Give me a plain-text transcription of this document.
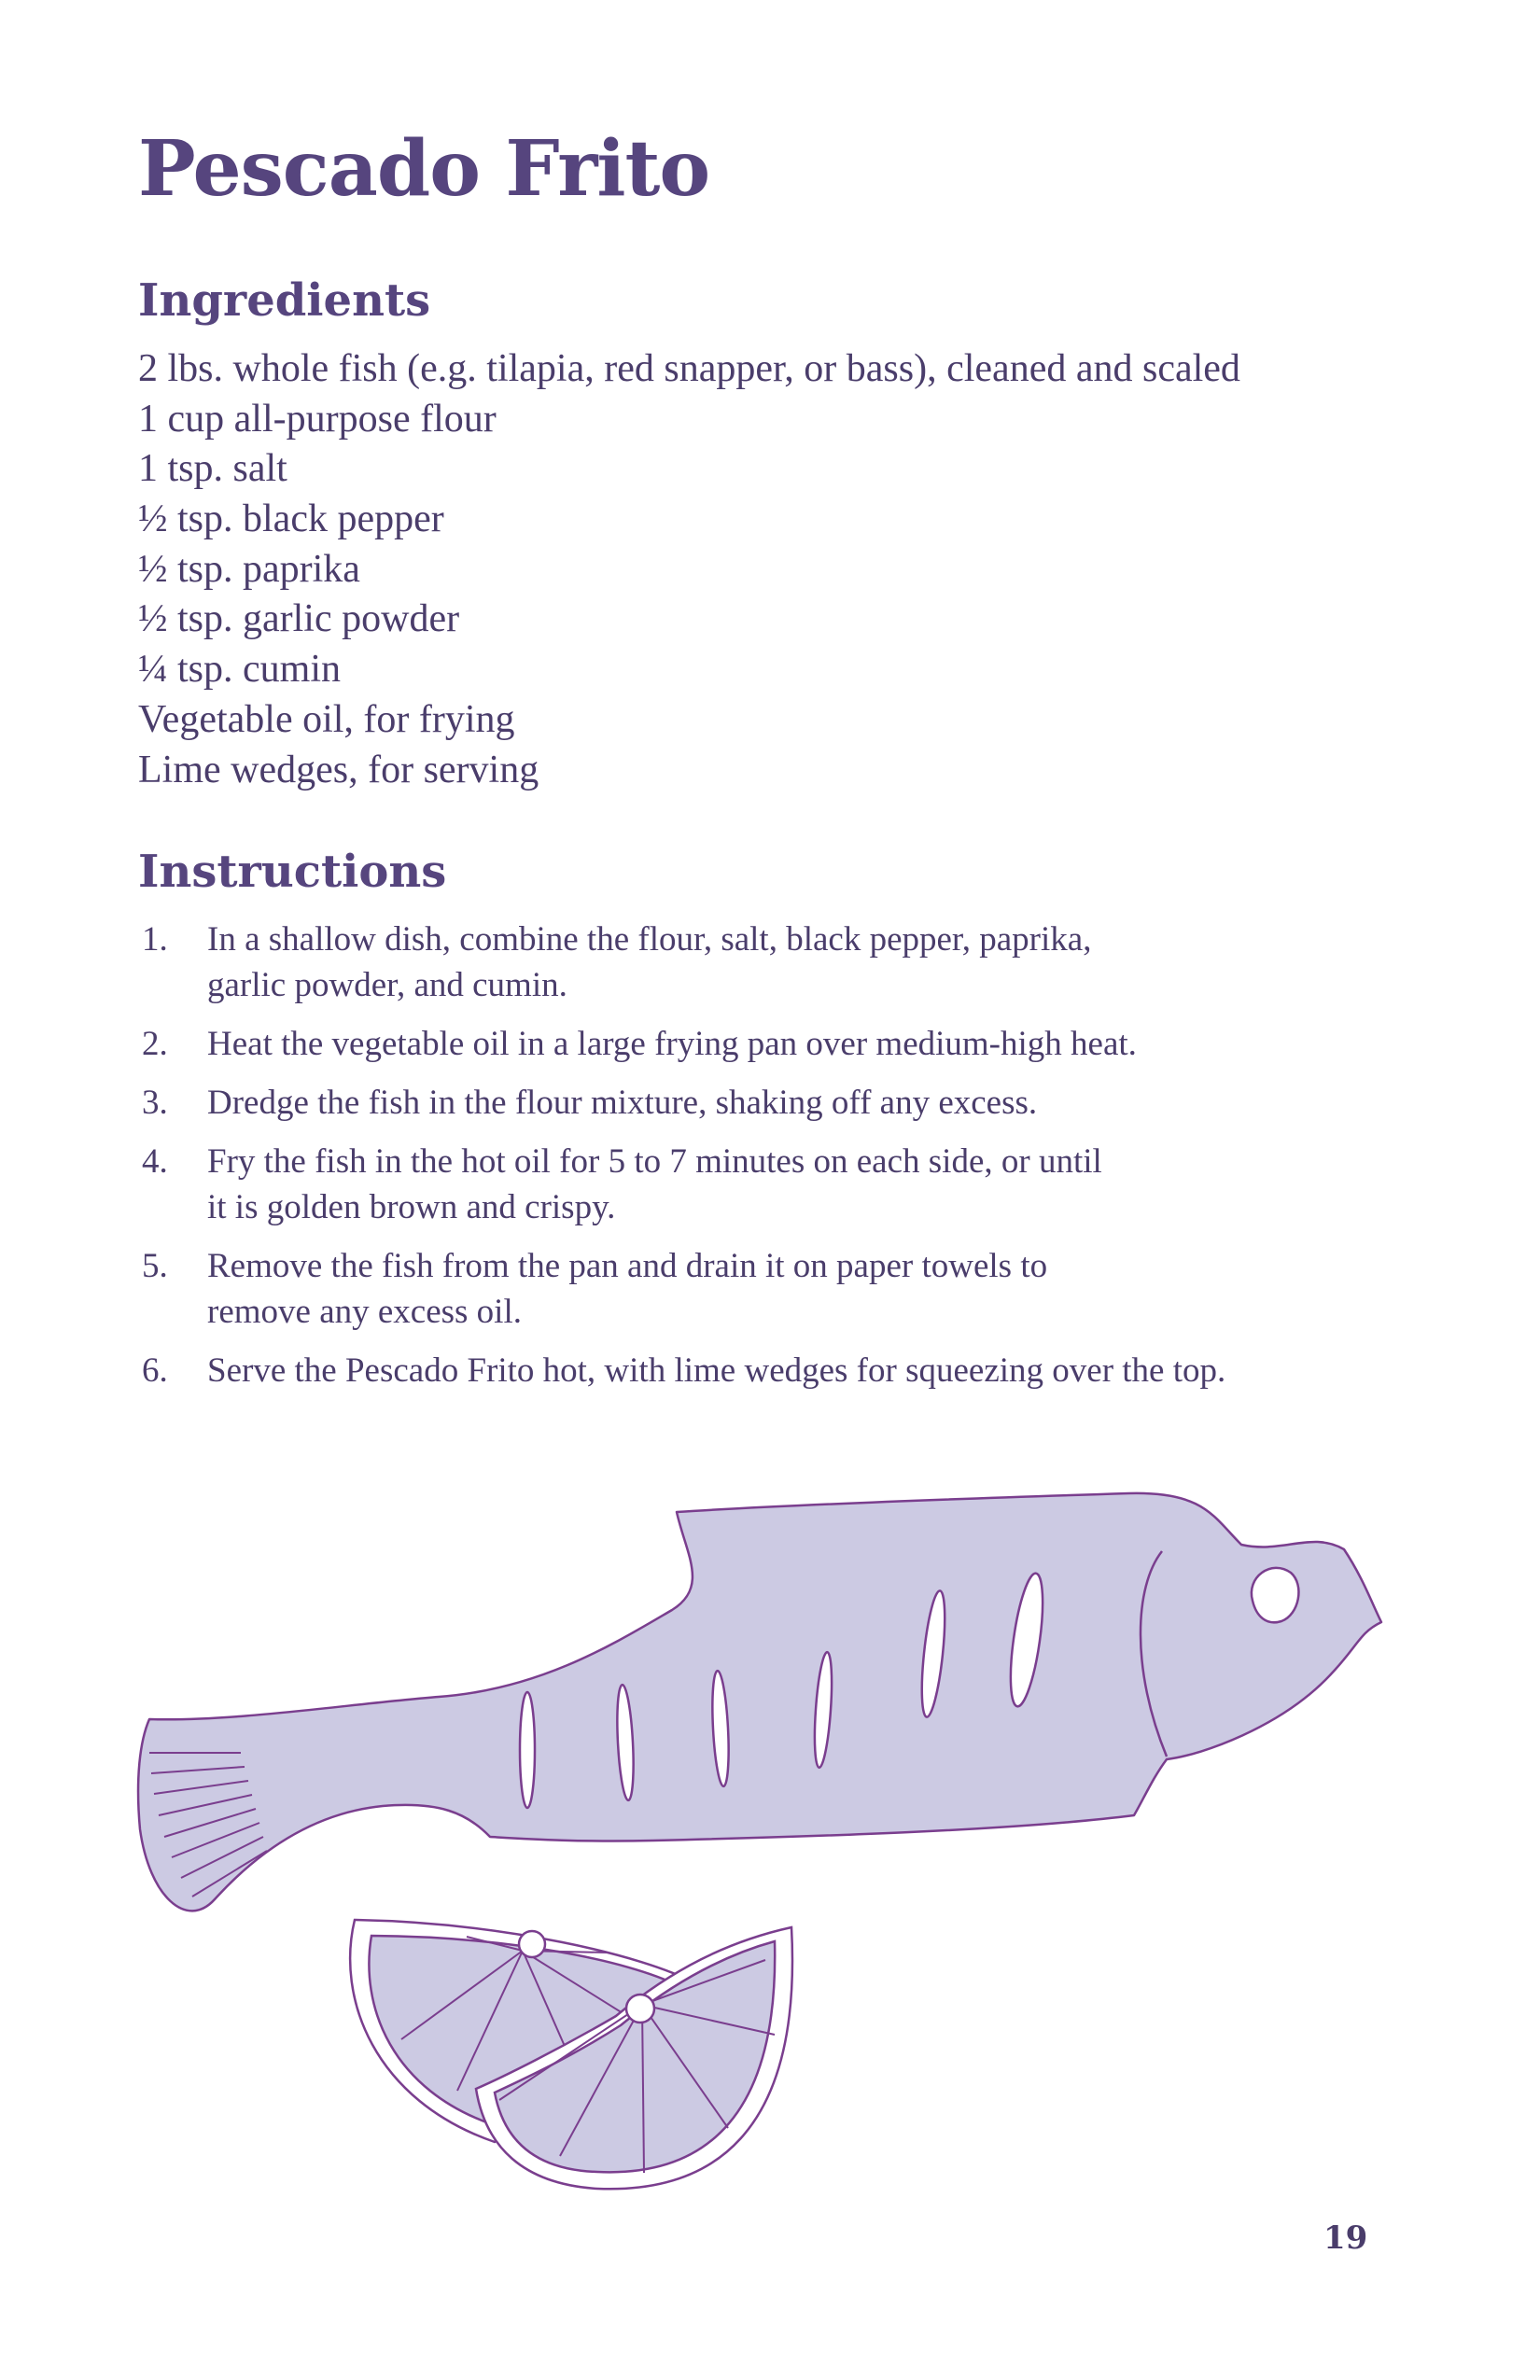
Pescado Frito
Ingredients
2 lbs. whole fish (e.g. tilapia, red snapper, or bass), cleaned and scaled
1 cup all-purpose flour
1 tsp. salt
½ tsp. black pepper
½ tsp. paprika
½ tsp. garlic powder
¼ tsp. cumin
Vegetable oil, for frying
Lime wedges, for serving
Instructions
1.	In a shallow dish, combine the flour, salt, black pepper, paprika,
garlic powder, and cumin.
2.	Heat the vegetable oil in a large frying pan over medium-high heat.
3.	Dredge the fish in the flour mixture, shaking off any excess.
4.	Fry the fish in the hot oil for 5 to 7 minutes on each side, or until
it is golden brown and crispy.
5.	Remove the fish from the pan and drain it on paper towels to
remove any excess oil.
6.	Serve the Pescado Frito hot, with lime wedges for squeezing over the top.

19
